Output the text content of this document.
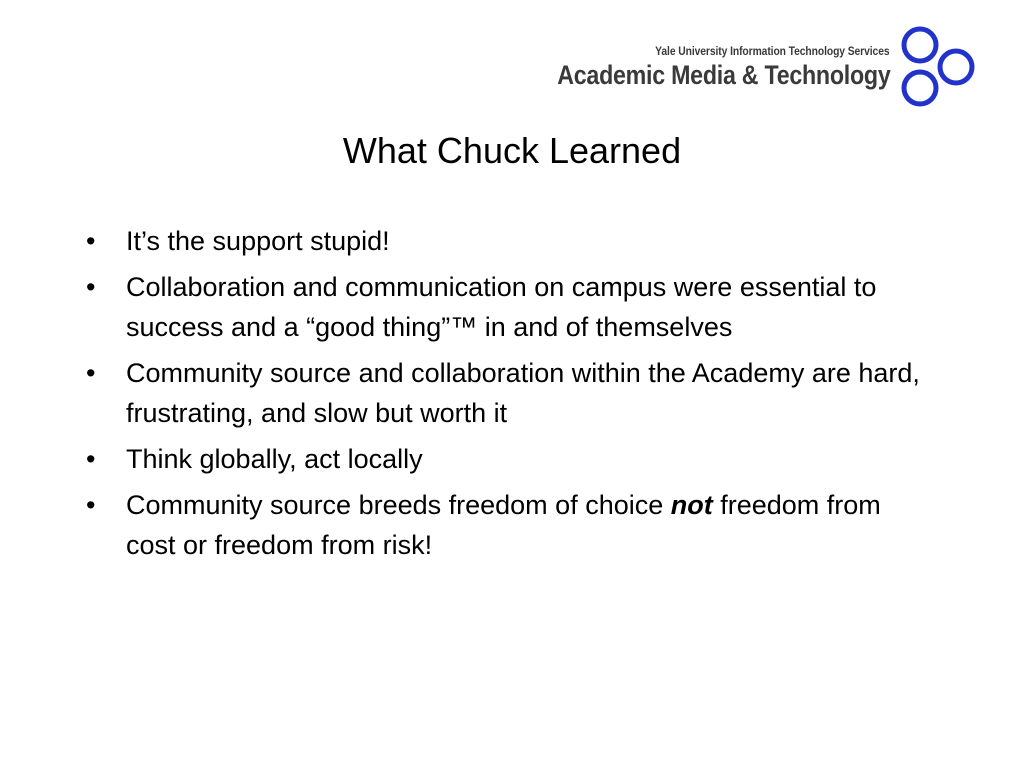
Yale University Information Technology Services
Academic Media & Technology
What Chuck Learned
• It’s the support stupid!
• Collaboration and communication on campus were essential to success and a “good thing”™ in and of themselves
• Community source and collaboration within the Academy are hard, frustrating, and slow but worth it
• Think globally, act locally
• Community source breeds freedom of choice not freedom from cost or freedom from risk!
